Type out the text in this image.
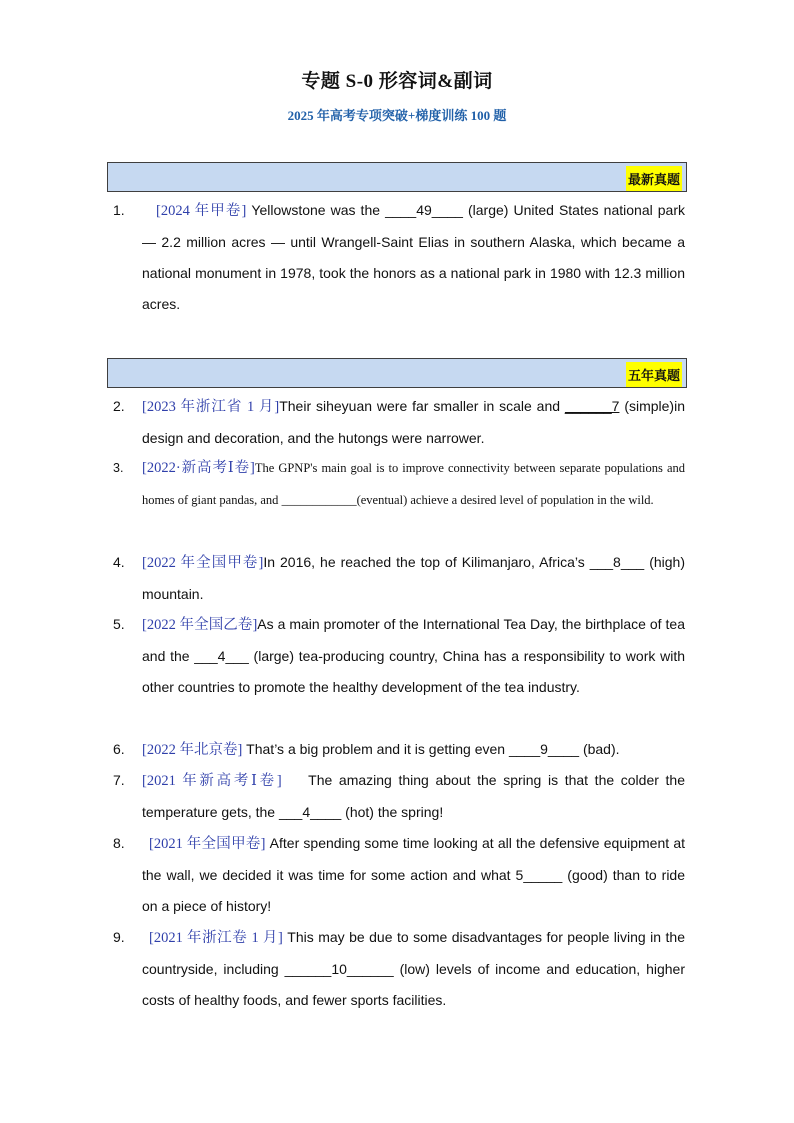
专题 S-0 形容词&副词
2025 年高考专项突破+梯度训练 100 题
最新真题
1.	[2024 年甲卷] Yellowstone was the ____49____ (large) United States national park — 2.2 million acres — until Wrangell-Saint Elias in southern Alaska, which became a national monument in 1978, took the honors as a national park in 1980 with 12.3 million acres.
五年真题
2.	[2023 年浙江省 1 月]Their siheyuan were far smaller in scale and ______7 (simple)in design and decoration, and the hutongs were narrower.
3.	[2022·新高考Ⅰ卷]The GPNP's main goal is to improve connectivity between separate populations and homes of giant pandas, and ____________(eventual) achieve a desired level of population in the wild.
4.	[2022 年全国甲卷]In 2016, he reached the top of Kilimanjaro, Africa’s ___8___ (high) mountain.
5.	[2022 年全国乙卷]As a main promoter of the International Tea Day, the birthplace of tea and the ___4___ (large) tea-producing country, China has a responsibility to work with other countries to promote the healthy development of the tea industry.
6.	[2022 年北京卷] That’s a big problem and it is getting even ____9____ (bad).
7.	[2021 年新高考Ⅰ卷]    The amazing thing about the spring is that the colder the temperature gets, the ___4____ (hot) the spring!
8.	[2021 年全国甲卷] After spending some time looking at all the defensive equipment at the wall, we decided it was time for some action and what 5_____ (good) than to ride on a piece of history!
9.	[2021 年浙江卷 1 月] This may be due to some disadvantages for people living in the countryside, including ______10______ (low) levels of income and education, higher costs of healthy foods, and fewer sports facilities.
